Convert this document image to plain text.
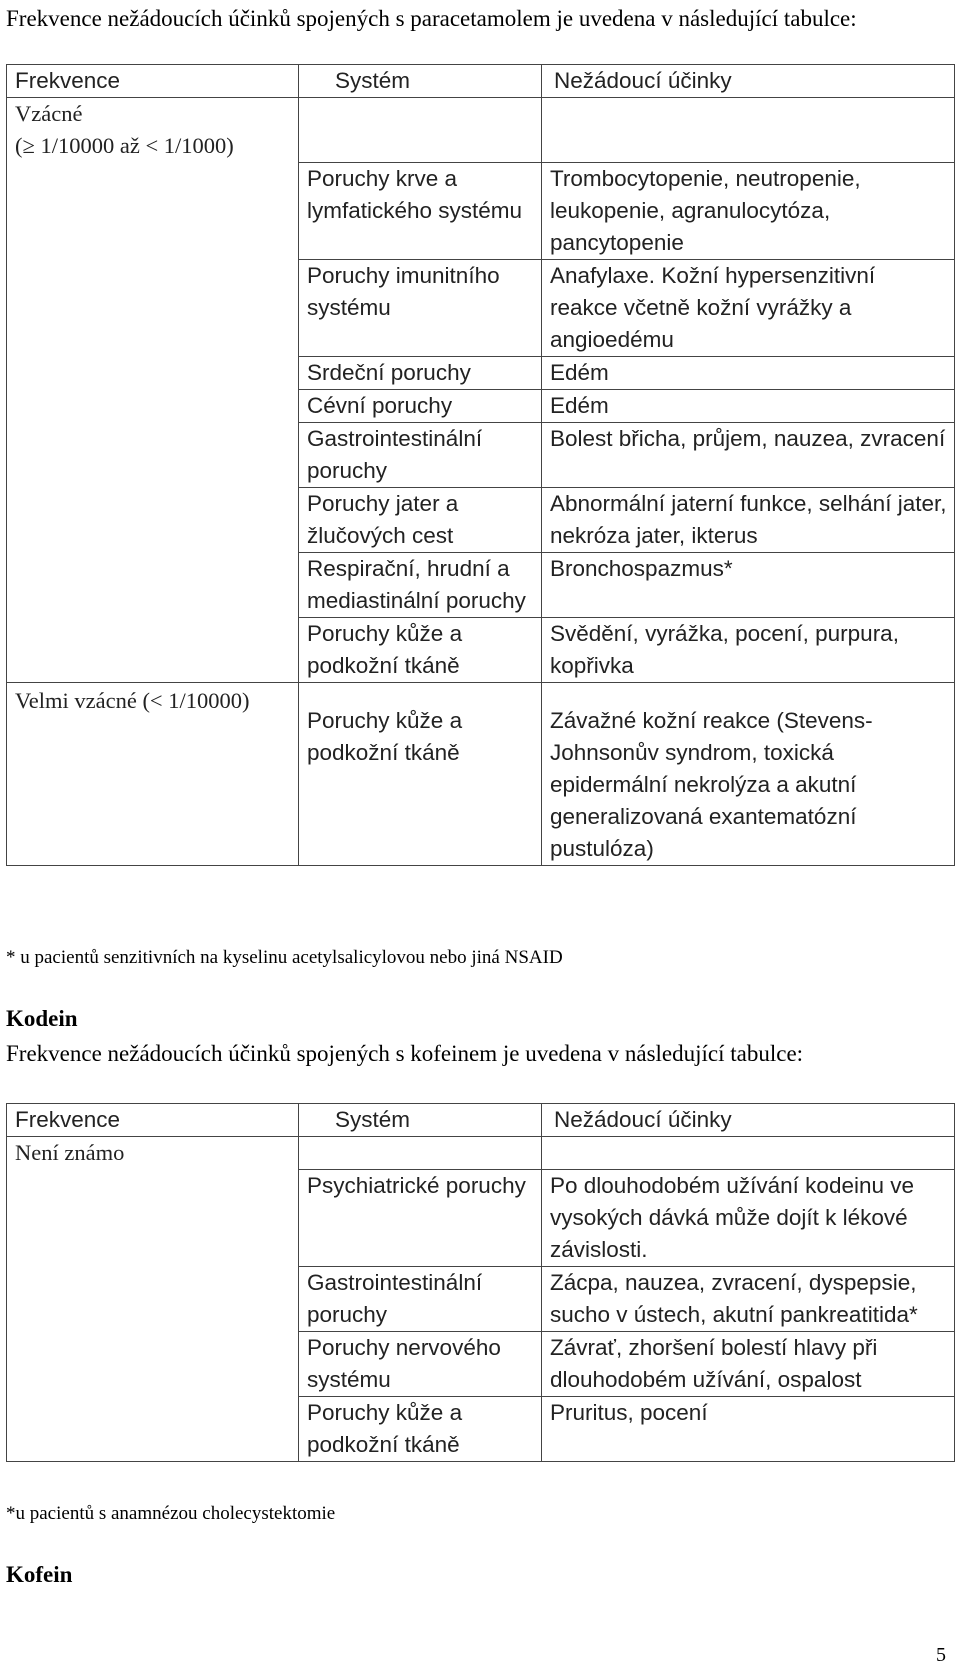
Frekvence nežádoucích účinků spojených s paracetamolem je uvedena v následující tabulce:

Frekvence	Systém	Nežádoucí účinky

Vzácné
(≥ 1/10000 až < 1/1000)		

	Poruchy krve a lymfatického systému	Trombocytopenie, neutropenie, leukopenie, agranulocytóza, pancytopenie
	Poruchy imunitního systému	Anafylaxe. Kožní hypersenzitivní reakce včetně kožní vyrážky a angioedému
	Srdeční poruchy	Edém
	Cévní poruchy	Edém
	Gastrointestinální poruchy	Bolest břicha, průjem, nauzea, zvracení
	Poruchy jater a žlučových cest	Abnormální jaterní funkce, selhání jater, nekróza jater, ikterus
	Respirační, hrudní a mediastinální poruchy	Bronchospazmus*
	Poruchy kůže a podkožní tkáně	Svědění, vyrážka, pocení, purpura, kopřivka
Velmi vzácné (< 1/10000)	Poruchy kůže a podkožní tkáně	Závažné kožní reakce (Stevens-Johnsonův syndrom, toxická epidermální nekrolýza a akutní generalizovaná exantematózní pustulóza)
* u pacientů senzitivních na kyselinu acetylsalicylovou nebo jiná NSAID
Kodein

Frekvence nežádoucích účinků spojených s kofeinem je uvedena v následující tabulce:

Frekvence	Systém	Nežádoucí účinky
Není známo		
	Psychiatrické poruchy	Po dlouhodobém užívání kodeinu ve vysokých dávká může dojít k lékové závislosti.
	Gastrointestinální poruchy	Zácpa, nauzea, zvracení, dyspepsie, sucho v ústech, akutní pankreatitida*
	Poruchy nervového systému	Závrať, zhoršení bolestí hlavy při dlouhodobém užívání, ospalost
	Poruchy kůže a podkožní tkáně	Pruritus, pocení
*u pacientů s anamnézou cholecystektomie
Kofein
5
